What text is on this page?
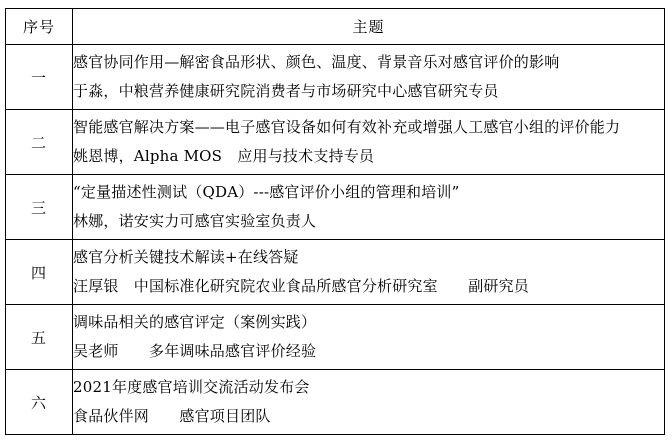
序号	主题
一	感官协同作用—解密食品形状、颜色、温度、背景音乐对感官评价的影响
于淼，中粮营养健康研究院消费者与市场研究中心感官研究专员

二	智能感官解决方案——电子感官设备如何有效补充或增强人工感官小组的评价能力
姚恩博，Alpha MOS　应用与技术支持专员

三	“定量描述性测试（QDA）---感官评价小组的管理和培训”
林娜，诺安实力可感官实验室负责人

四	感官分析关键技术解读+在线答疑
汪厚银　中国标准化研究院农业食品所感官分析研究室　　副研究员

五	调味品相关的感官评定（案例实践）
吴老师　　多年调味品感官评价经验

六	2021年度感官培训交流活动发布会
食品伙伴网　　感官项目团队
